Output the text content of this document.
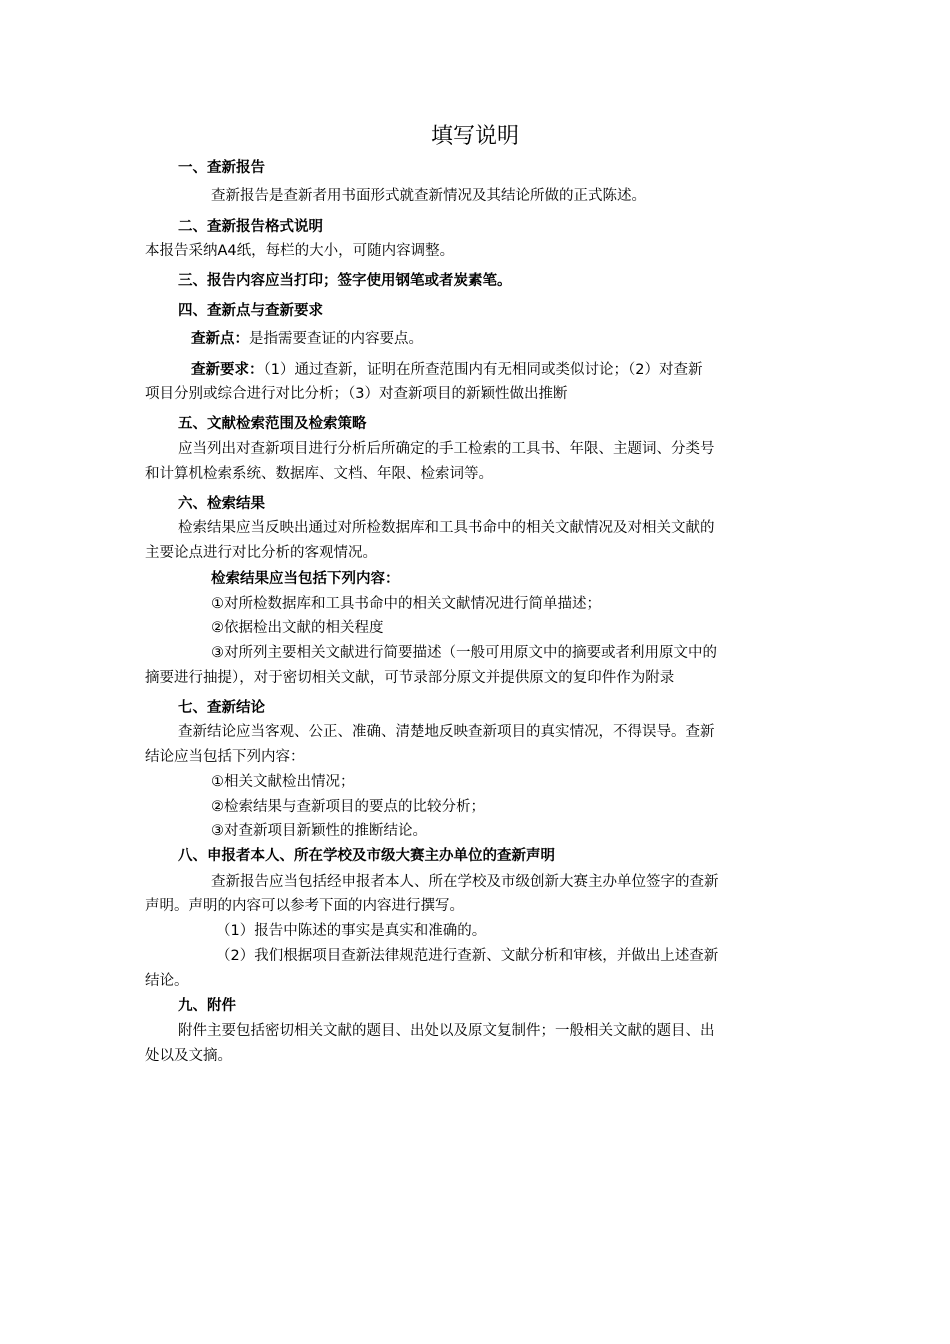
填写说明
一、查新报告
查新报告是查新者用书面形式就查新情况及其结论所做的正式陈述。
二、查新报告格式说明
本报告采纳A4纸，每栏的大小，可随内容调整。
三、报告内容应当打印；签字使用钢笔或者炭素笔。
四、查新点与查新要求
查新点：是指需要查证的内容要点。
查新要求：（1）通过查新，证明在所查范围内有无相同或类似讨论；（2）对查新
项目分别或综合进行对比分析；（3）对查新项目的新颖性做出推断
五、文献检索范围及检索策略
应当列出对查新项目进行分析后所确定的手工检索的工具书、年限、主题词、分类号
和计算机检索系统、数据库、文档、年限、检索词等。
六、检索结果
检索结果应当反映出通过对所检数据库和工具书命中的相关文献情况及对相关文献的
主要论点进行对比分析的客观情况。
检索结果应当包括下列内容：
①对所检数据库和工具书命中的相关文献情况进行简单描述；
②依据检出文献的相关程度
③对所列主要相关文献进行简要描述（一般可用原文中的摘要或者利用原文中的
摘要进行抽提），对于密切相关文献，可节录部分原文并提供原文的复印件作为附录
七、查新结论
查新结论应当客观、公正、准确、清楚地反映查新项目的真实情况，不得误导。查新
结论应当包括下列内容：
①相关文献检出情况；
②检索结果与查新项目的要点的比较分析；
③对查新项目新颖性的推断结论。
八、申报者本人、所在学校及市级大赛主办单位的查新声明
查新报告应当包括经申报者本人、所在学校及市级创新大赛主办单位签字的查新
声明。声明的内容可以参考下面的内容进行撰写。
（1）报告中陈述的事实是真实和准确的。
（2）我们根据项目查新法律规范进行查新、文献分析和审核，并做出上述查新
结论。
九、附件
附件主要包括密切相关文献的题目、出处以及原文复制件；一般相关文献的题目、出
处以及文摘。
